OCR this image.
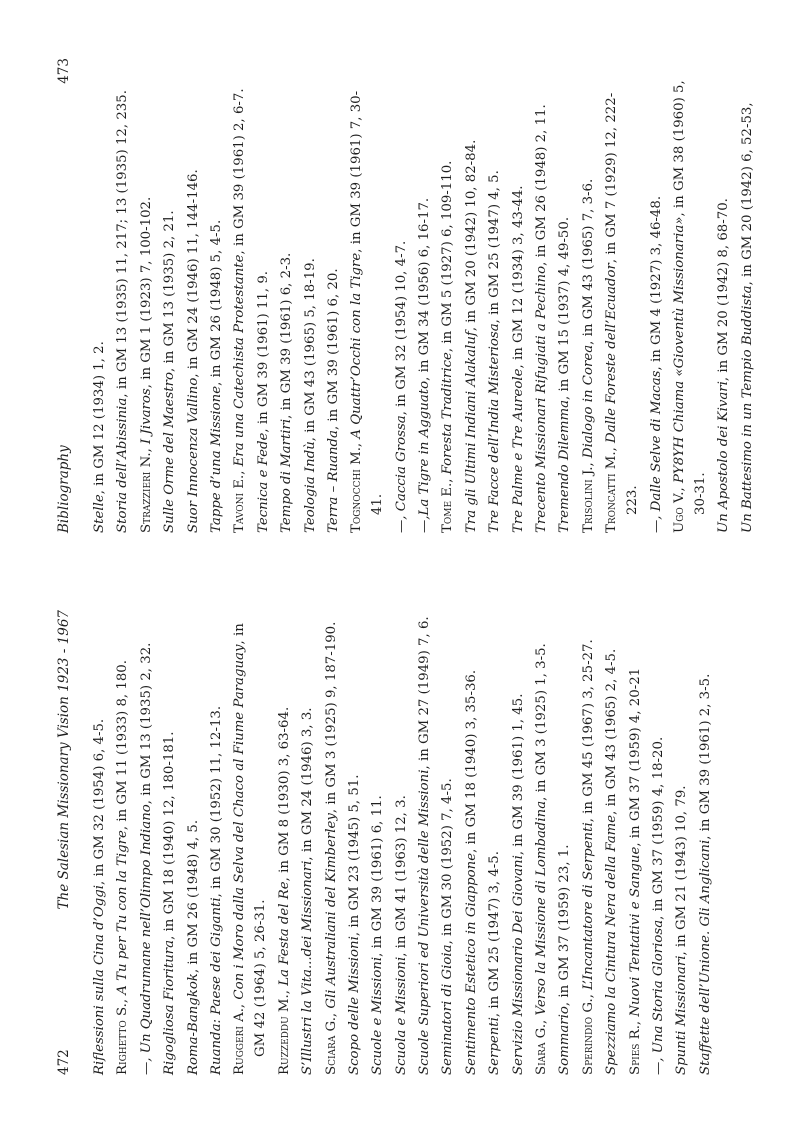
472
The Salesian Missionary Vision 1923 - 1967
Riflessioni sulla Cina d’Oggi, in GM 32 (1954) 6, 4-5.
Righetto S., A Tu per Tu con la Tigre, in GM 11 (1933) 8, 180.
—, Un Quadrumane nell’Olimpo Indiano, in GM 13 (1935) 2, 32.
Rigogliosa Fioritura, in GM 18 (1940) 12, 180-181.
Roma-Bangkok, in GM 26 (1948) 4, 5.
Ruanda: Paese dei Giganti, in GM 30 (1952) 11, 12-13.
Ruggeri A., Con i Moro dalla Selva del Chaco al Fiume Paraguay, in GM 42 (1964) 5, 26-31. Ruzzeddu M., La Festa del Re, in GM 8 (1930) 3, 63-64.
S’Illustri la Vita...dei Missionari, in GM 24 (1946) 3, 3.
Sciara G., Gli Australiani del Kimberley, in GM 3 (1925) 9, 187-190.
Scopo delle Missioni, in GM 23 (1945) 5, 51.
Scuole e Missioni, in GM 39 (1961) 6, 11.
Scuola e Missioni, in GM 41 (1963) 12, 3. Scuole Superiori ed Università delle Missioni, in GM 27 (1949) 7, 6.
Seminatori di Gioia, in GM 30 (1952) 7, 4-5. Sentimento Estetico in Giappone, in GM 18 (1940) 3, 35-36.
Serpenti, in GM 25 (1947) 3, 4-5. Servizio Missionario Dei Giovani, in GM 39 (1961) 1, 45.
Siara G., Verso la Missione di Lombadina, in GM 3 (1925) 1, 3-5.
Sommario, in GM 37 (1959) 23, 1.
Sperindio G., L’Incantatore di Serpenti, in GM 45 (1967) 3, 25-27.
Spezziamo la Cintura Nera della Fame, in GM 43 (1965) 2, 4-5.
Spies R., Nuovi Tentativi e Sangue, in GM 37 (1959) 4, 20-21
—, Una Storia Gloriosa, in GM 37 (1959) 4, 18-20.
Spunti Missionari, in GM 21 (1943) 10, 79. Staffette dell’Unione. Gli Anglicani, in GM 39 (1961) 2, 3-5.
Bibliography
473
Stelle, in GM 12 (1934) 1, 2. Storia dell’Abissinia, in GM 13 (1935) 11, 217; 13 (1935) 12, 235.
Strazzieri N., I Jivaros, in GM 1 (1923) 7, 100-102.
Sulle Orme del Maestro, in GM 13 (1935) 2, 21.
Suor Innocenza Vallino, in GM 24 (1946) 11, 144-146.
Tappe d’una Missione, in GM 26 (1948) 5, 4-5.
Tavoni E., Era una Catechista Protestante, in GM 39 (1961) 2, 6-7.
Tecnica e Fede, in GM 39 (1961) 11, 9.
Tempo di Martiri, in GM 39 (1961) 6, 2-3.
Teologia Indù, in GM 43 (1965) 5, 18-19.
Terra – Ruanda, in GM 39 (1961) 6, 20.
Tognocchi M., A Quattr’Occhi con la Tigre, in GM 39 (1961) 7, 30-41. —, Caccia Grossa, in GM 32 (1954) 10, 4-7.
—,La Tigre in Agguato, in GM 34 (1956) 6, 16-17.
Tome E., Foresta Traditrice, in GM 5 (1927) 6, 109-110.
Tra gli Ultimi Indiani Alakaluf, in GM 20 (1942) 10, 82-84.
Tre Facce dell’India Misteriosa, in GM 25 (1947) 4, 5.
Tre Palme e Tre Aureole, in GM 12 (1934) 3, 43-44. Trecento Missionari Rifugiati a Pechino, in GM 26 (1948) 2, 11.
Tremendo Dilemma, in GM 15 (1937) 4, 49-50.
Trisolini J., Dialogo in Corea, in GM 43 (1965) 7, 3-6.
Troncatti M., Dalle Foreste dell’Ecuador, in GM 7 (1929) 12, 222-223. —, Dalle Selve di Macas, in GM 4 (1927) 3, 46-48.
Ugo V., PY8YH Chiama «Gioventù Missionaria», in GM 38 (1960) 5, 30-31. Un Apostolo dei Kivari, in GM 20 (1942) 8, 68-70. Un Battesimo in un Tempio Buddista, in GM 20 (1942) 6, 52-53,
